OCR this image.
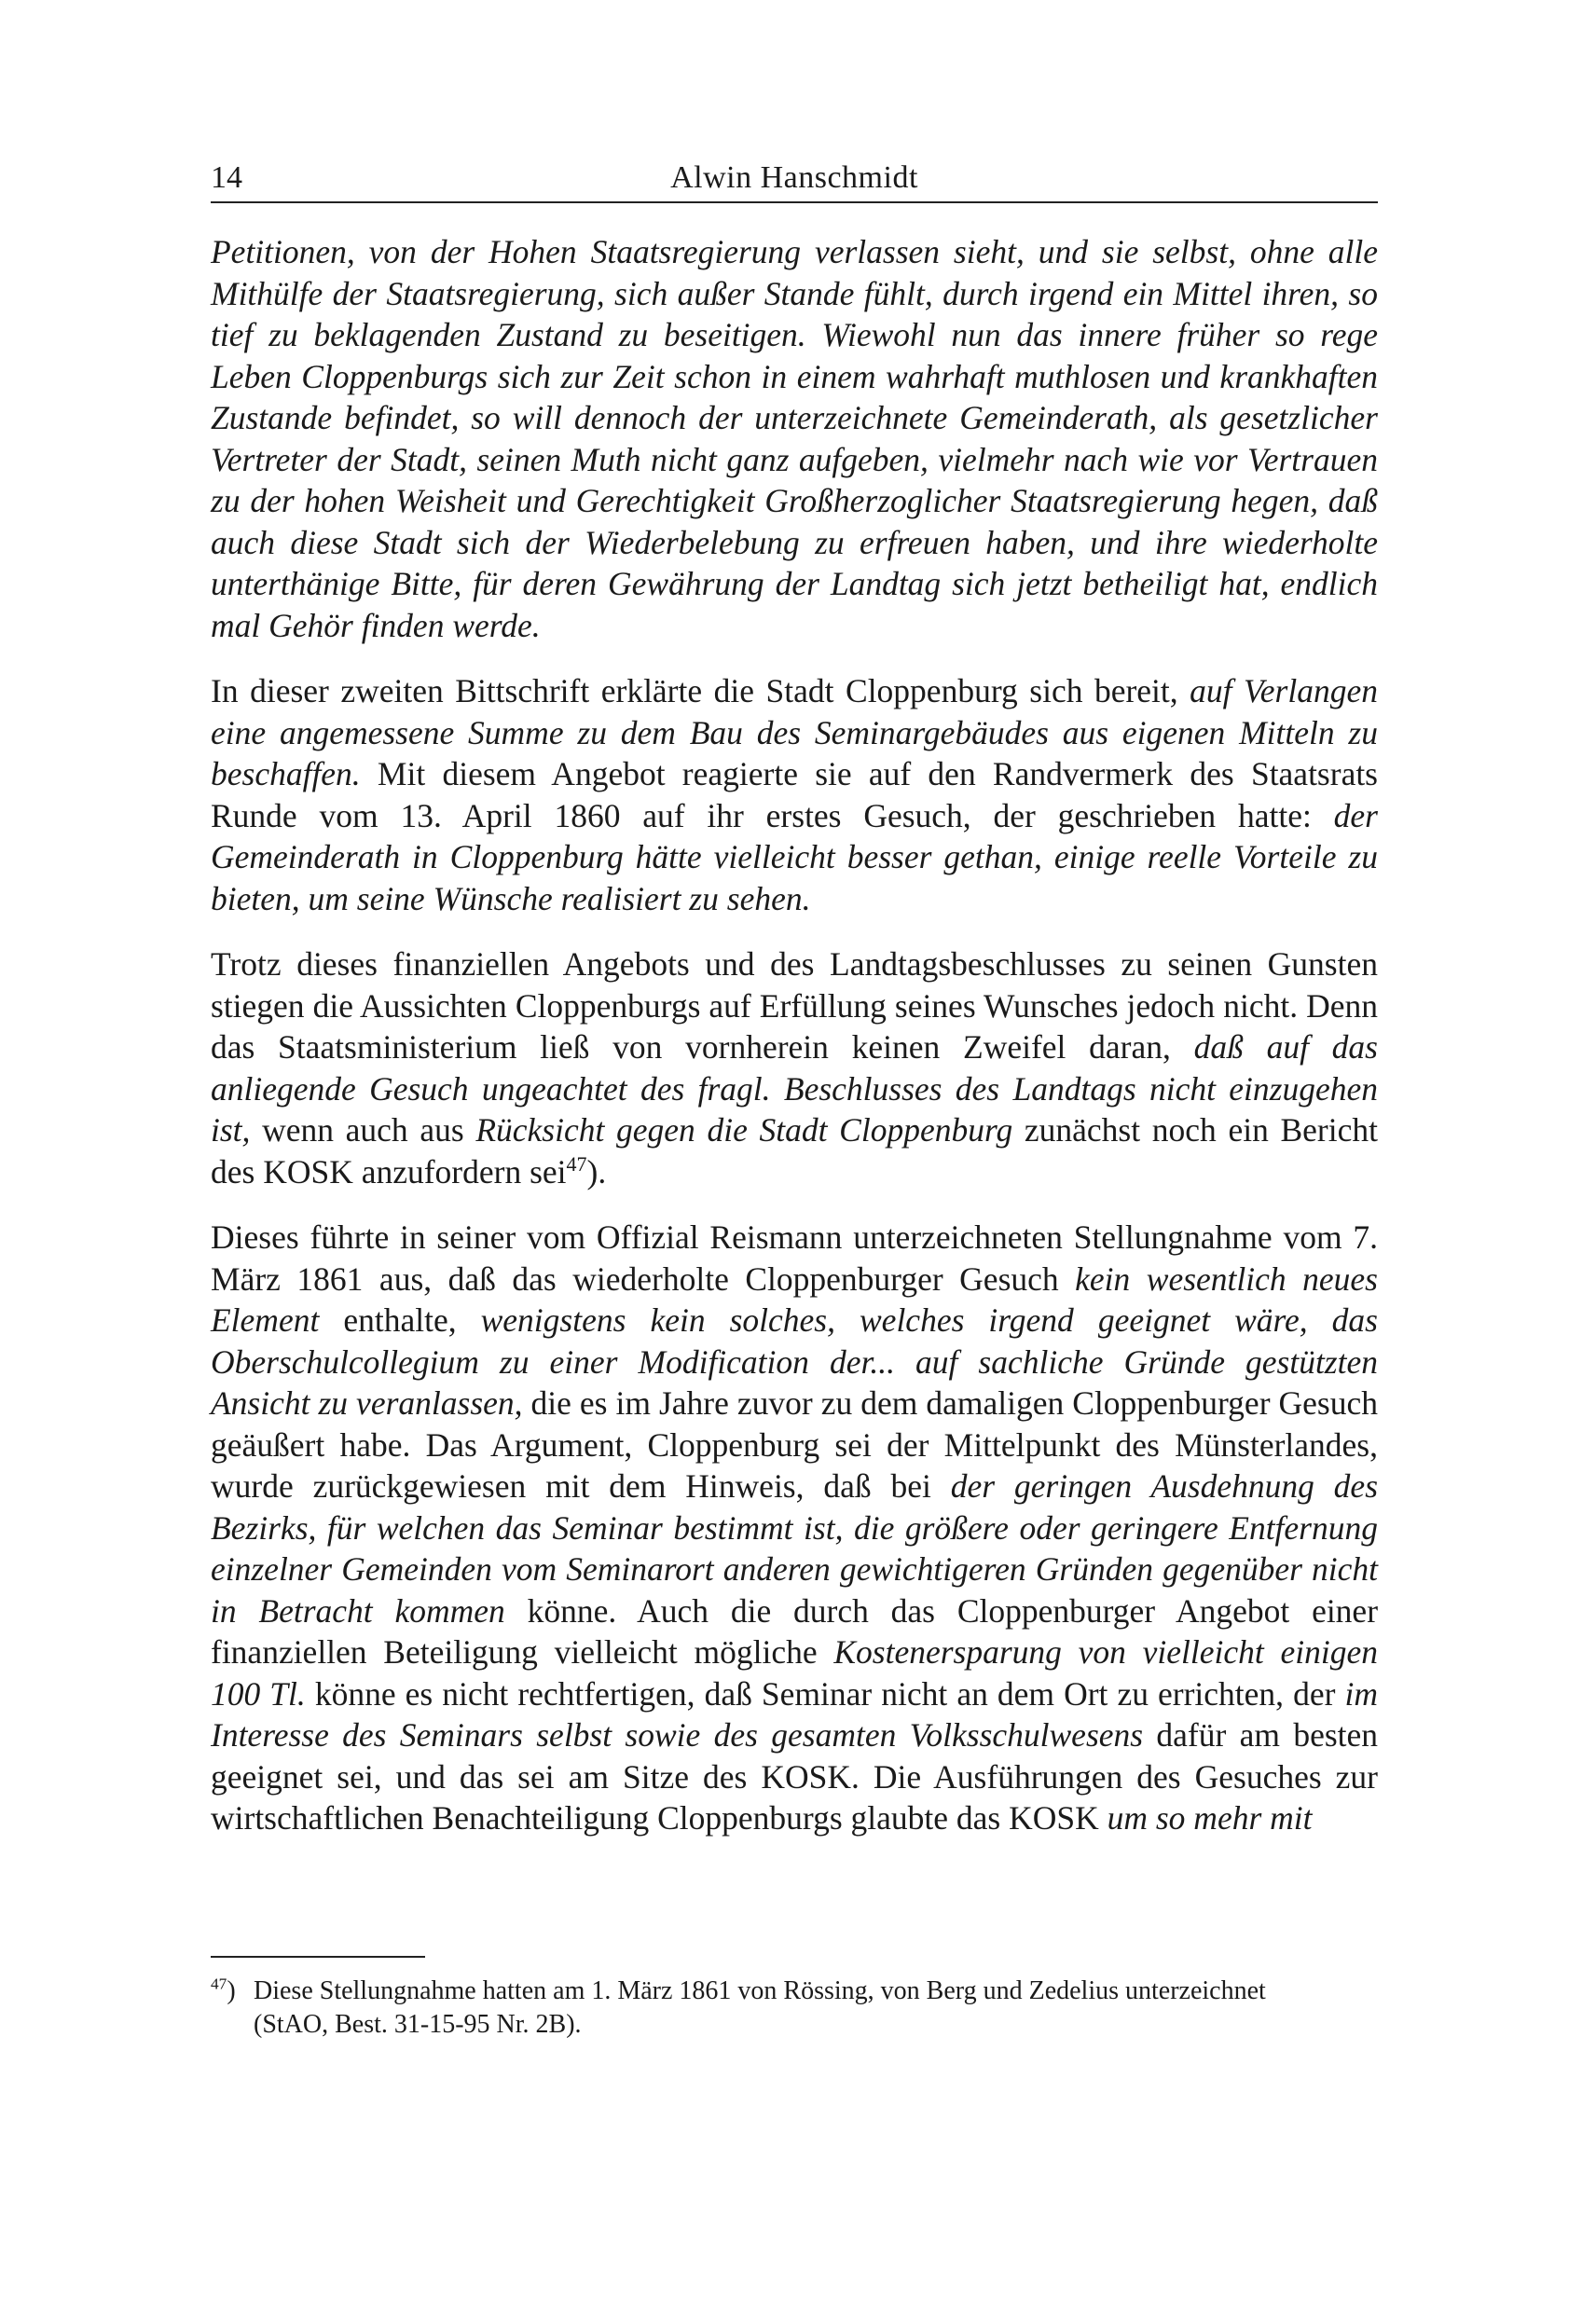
14	Alwin Hanschmidt

Petitionen, von der Hohen Staatsregierung verlassen sieht, und sie selbst, ohne alle Mithülfe der Staatsregierung, sich außer Stande fühlt, durch irgend ein Mittel ihren, so tief zu beklagenden Zustand zu beseitigen. Wiewohl nun das innere früher so rege Leben Cloppenburgs sich zur Zeit schon in einem wahrhaft muthlosen und krankhaften Zustande befindet, so will dennoch der unterzeichnete Gemeinderath, als gesetzlicher Vertreter der Stadt, seinen Muth nicht ganz aufgeben, vielmehr nach wie vor Vertrauen zu der hohen Weisheit und Gerechtigkeit Großherzoglicher Staatsregierung hegen, daß auch diese Stadt sich der Wiederbelebung zu erfreuen haben, und ihre wiederholte unterthänige Bitte, für deren Gewährung der Landtag sich jetzt betheiligt hat, endlich mal Gehör finden werde.

In dieser zweiten Bittschrift erklärte die Stadt Cloppenburg sich bereit, auf Verlangen eine angemessene Summe zu dem Bau des Seminargebäudes aus eigenen Mitteln zu beschaffen. Mit diesem Angebot reagierte sie auf den Randvermerk des Staatsrats Runde vom 13. April 1860 auf ihr erstes Gesuch, der geschrieben hatte: der Gemeinderath in Cloppenburg hätte vielleicht besser gethan, einige reelle Vorteile zu bieten, um seine Wünsche realisiert zu sehen.

Trotz dieses finanziellen Angebots und des Landtagsbeschlusses zu seinen Gunsten stiegen die Aussichten Cloppenburgs auf Erfüllung seines Wunsches jedoch nicht. Denn das Staatsministerium ließ von vornherein keinen Zweifel daran, daß auf das anliegende Gesuch ungeachtet des fragl. Beschlusses des Landtags nicht einzugehen ist, wenn auch aus Rücksicht gegen die Stadt Cloppenburg zunächst noch ein Bericht des KOSK anzufordern sei$^{47}$).

Dieses führte in seiner vom Offizial Reismann unterzeichneten Stellungnahme vom 7. März 1861 aus, daß das wiederholte Cloppenburger Gesuch kein wesentlich neues Element enthalte, wenigstens kein solches, welches irgend geeignet wäre, das Oberschulcollegium zu einer Modification der... auf sachliche Gründe gestützten Ansicht zu veranlassen, die es im Jahre zuvor zu dem damaligen Cloppenburger Gesuch geäußert habe. Das Argument, Cloppenburg sei der Mittelpunkt des Münsterlandes, wurde zurückgewiesen mit dem Hinweis, daß bei der geringen Ausdehnung des Bezirks, für welchen das Seminar bestimmt ist, die größere oder geringere Entfernung einzelner Gemeinden vom Seminarort anderen gewichtigeren Gründen gegenüber nicht in Betracht kommen könne. Auch die durch das Cloppenburger Angebot einer finanziellen Beteiligung vielleicht mögliche Kostenersparung von vielleicht einigen 100 Tl. könne es nicht rechtfertigen, daß Seminar nicht an dem Ort zu errichten, der im Interesse des Seminars selbst sowie des gesamten Volksschulwesens dafür am besten geeignet sei, und das sei am Sitze des KOSK. Die Ausführungen des Gesuches zur wirtschaftlichen Benachteiligung Cloppenburgs glaubte das KOSK um so mehr mit

$^{47}$) Diese Stellungnahme hatten am 1. März 1861 von Rössing, von Berg und Zedelius unterzeichnet
(StAO, Best. 31-15-95 Nr. 2B).
